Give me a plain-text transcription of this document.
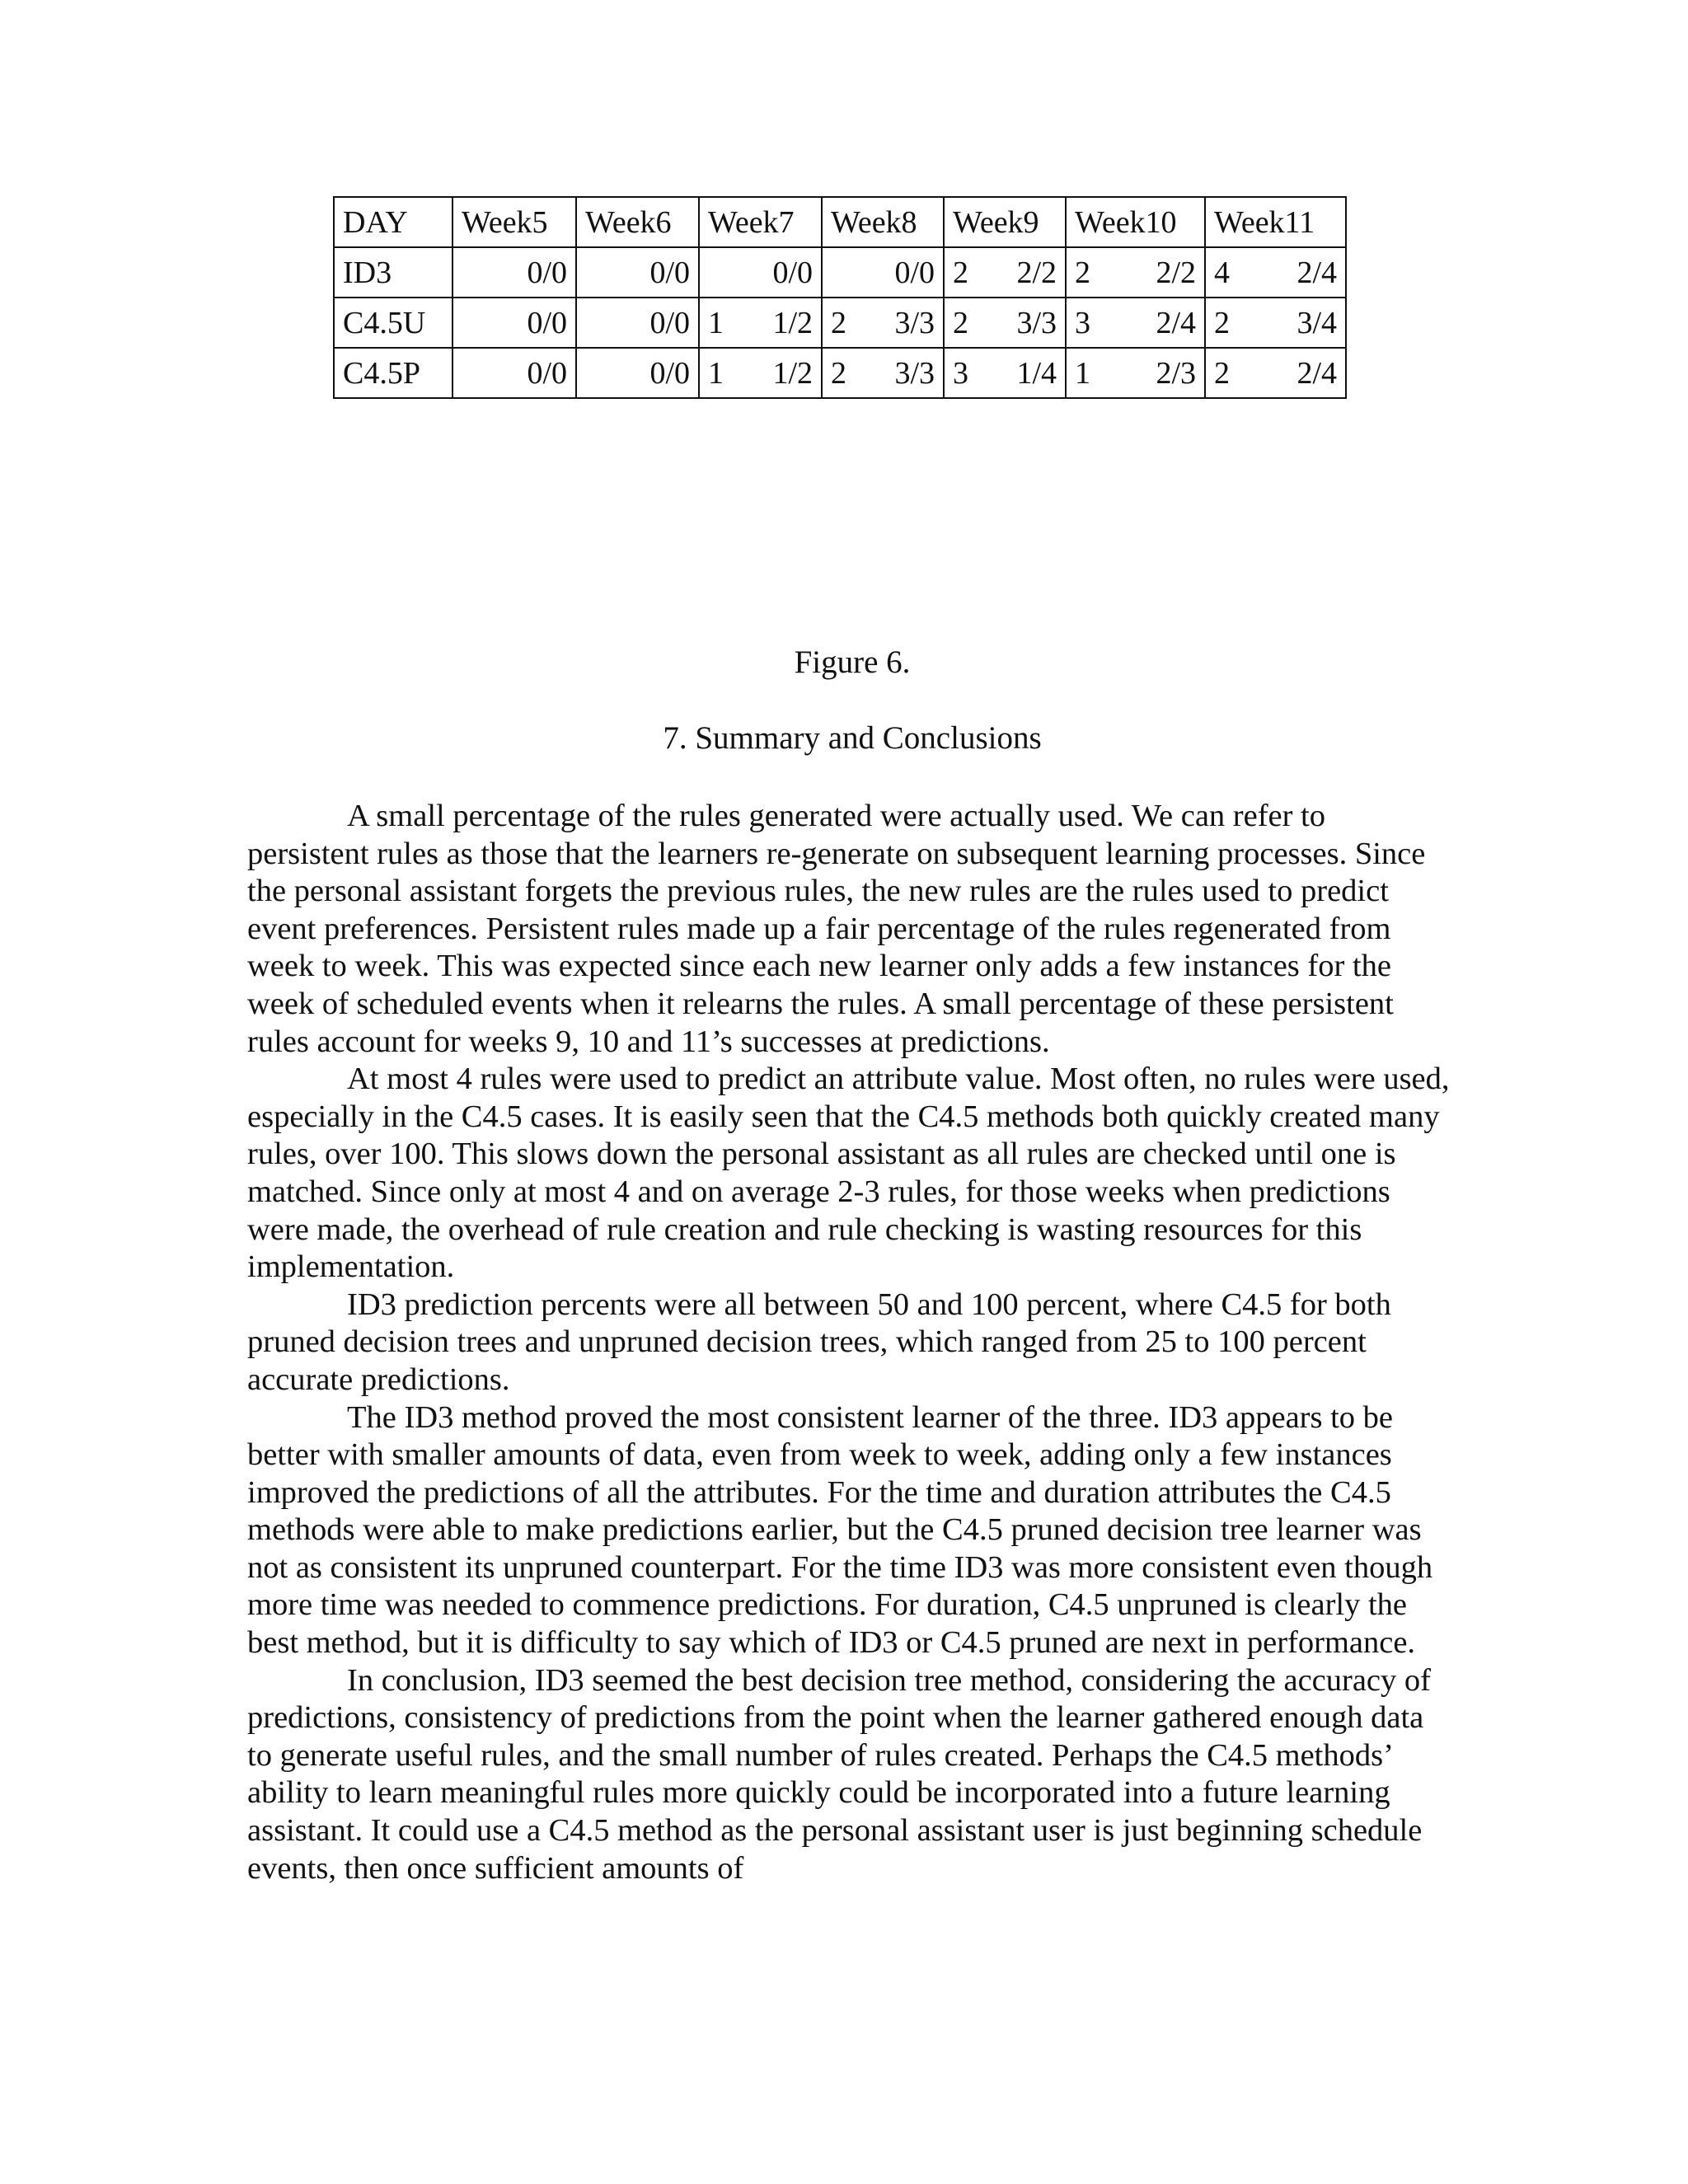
DAY	Week5	Week6	Week7	Week8	Week9	Week10	Week11
ID3	0/0	0/0	0/0	0/0	2 2/2	2 2/2	4 2/4

C4.5U	0/0	0/0	1 1/2	2 3/3	2 3/3	3 2/4	2 3/4

C4.5P	0/0	0/0	1 1/2	2 3/3	3 1/4	1 2/3	2 2/4
Figure 6.
7. Summary and Conclusions

A small percentage of the rules generated were actually used. We can refer to persistent rules as those that the learners re-generate on subsequent learning processes. Since the personal assistant forgets the previous rules, the new rules are the rules used to predict event preferences. Persistent rules made up a fair percentage of the rules regenerated from week to week. This was expected since each new learner only adds a few instances for the week of scheduled events when it relearns the rules. A small percentage of these persistent rules account for weeks 9, 10 and 11’s successes at predictions.

At most 4 rules were used to predict an attribute value. Most often, no rules were used, especially in the C4.5 cases. It is easily seen that the C4.5 methods both quickly created many rules, over 100. This slows down the personal assistant as all rules are checked until one is matched. Since only at most 4 and on average 2-3 rules, for those weeks when predictions were made, the overhead of rule creation and rule checking is wasting resources for this implementation.

ID3 prediction percents were all between 50 and 100 percent, where C4.5 for both pruned decision trees and unpruned decision trees, which ranged from 25 to 100 percent accurate predictions.

The ID3 method proved the most consistent learner of the three. ID3 appears to be better with smaller amounts of data, even from week to week, adding only a few instances improved the predictions of all the attributes. For the time and duration attributes the C4.5 methods were able to make predictions earlier, but the C4.5 pruned decision tree learner was not as consistent its unpruned counterpart. For the time ID3 was more consistent even though more time was needed to commence predictions. For duration, C4.5 unpruned is clearly the best method, but it is difficulty to say which of ID3 or C4.5 pruned are next in performance.

In conclusion, ID3 seemed the best decision tree method, considering the accuracy of predictions, consistency of predictions from the point when the learner gathered enough data to generate useful rules, and the small number of rules created. Perhaps the C4.5 methods’ ability to learn meaningful rules more quickly could be incorporated into a future learning assistant. It could use a C4.5 method as the personal assistant user is just beginning schedule events, then once sufficient amounts of
